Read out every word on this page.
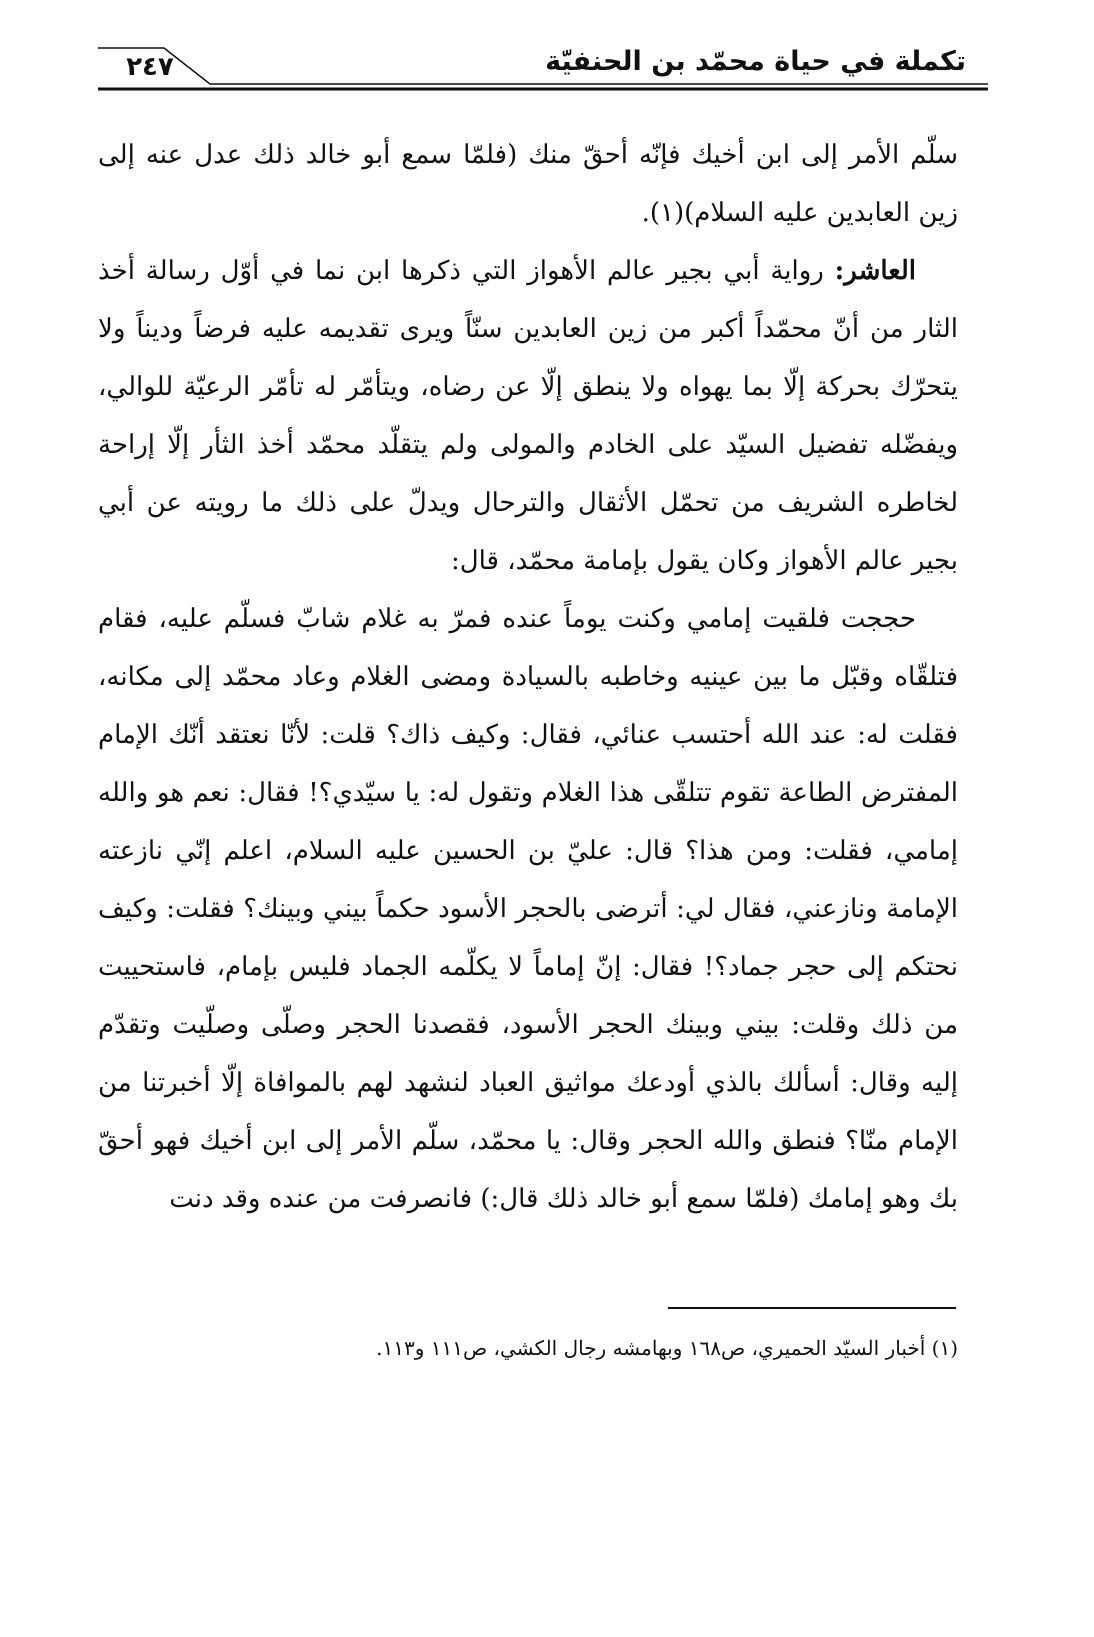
تكملة في حياة محمّد بن الحنفيّة
٢٤٧

سلّم الأمر إلى ابن أخيك فإنّه أحقّ منك (فلمّا سمع أبو خالد ذلك عدل عنه إلى زين العابدين عليه السلام)(١).

العاشر: رواية أبي بجير عالم الأهواز التي ذكرها ابن نما في أوّل رسالة أخذ الثار من أنّ محمّداً أكبر من زين العابدين سنّاً ويرى تقديمه عليه فرضاً وديناً ولا يتحرّك بحركة إلّا بما يهواه ولا ينطق إلّا عن رضاه، ويتأمّر له تأمّر الرعيّة للوالي، ويفضّله تفضيل السيّد على الخادم والمولى ولم يتقلّد محمّد أخذ الثأر إلّا إراحة لخاطره الشريف من تحمّل الأثقال والترحال ويدلّ على ذلك ما رويته عن أبي بجير عالم الأهواز وكان يقول بإمامة محمّد، قال:

حججت فلقيت إمامي وكنت يوماً عنده فمرّ به غلام شابّ فسلّم عليه، فقام فتلقّاه وقبّل ما بين عينيه وخاطبه بالسيادة ومضى الغلام وعاد محمّد إلى مكانه، فقلت له: عند الله أحتسب عنائي، فقال: وكيف ذاك؟ قلت: لأنّا نعتقد أنّك الإمام المفترض الطاعة تقوم تتلقّى هذا الغلام وتقول له: يا سيّدي؟! فقال: نعم هو والله إمامي، فقلت: ومن هذا؟ قال: عليّ بن الحسين عليه السلام، اعلم إنّي نازعته الإمامة ونازعني، فقال لي: أترضى بالحجر الأسود حكماً بيني وبينك؟ فقلت: وكيف نحتكم إلى حجر جماد؟! فقال: إنّ إماماً لا يكلّمه الجماد فليس بإمام، فاستحييت من ذلك وقلت: بيني وبينك الحجر الأسود، فقصدنا الحجر وصلّى وصلّيت وتقدّم إليه وقال: أسألك بالذي أودعك مواثيق العباد لنشهد لهم بالموافاة إلّا أخبرتنا من الإمام منّا؟ فنطق والله الحجر وقال: يا محمّد، سلّم الأمر إلى ابن أخيك فهو أحقّ بك وهو إمامك (فلمّا سمع أبو خالد ذلك قال:) فانصرفت من عنده وقد دنت

(١) أخبار السيّد الحميري، ص١٦٨ وبهامشه رجال الكشي، ص١١١ و١١٣.
